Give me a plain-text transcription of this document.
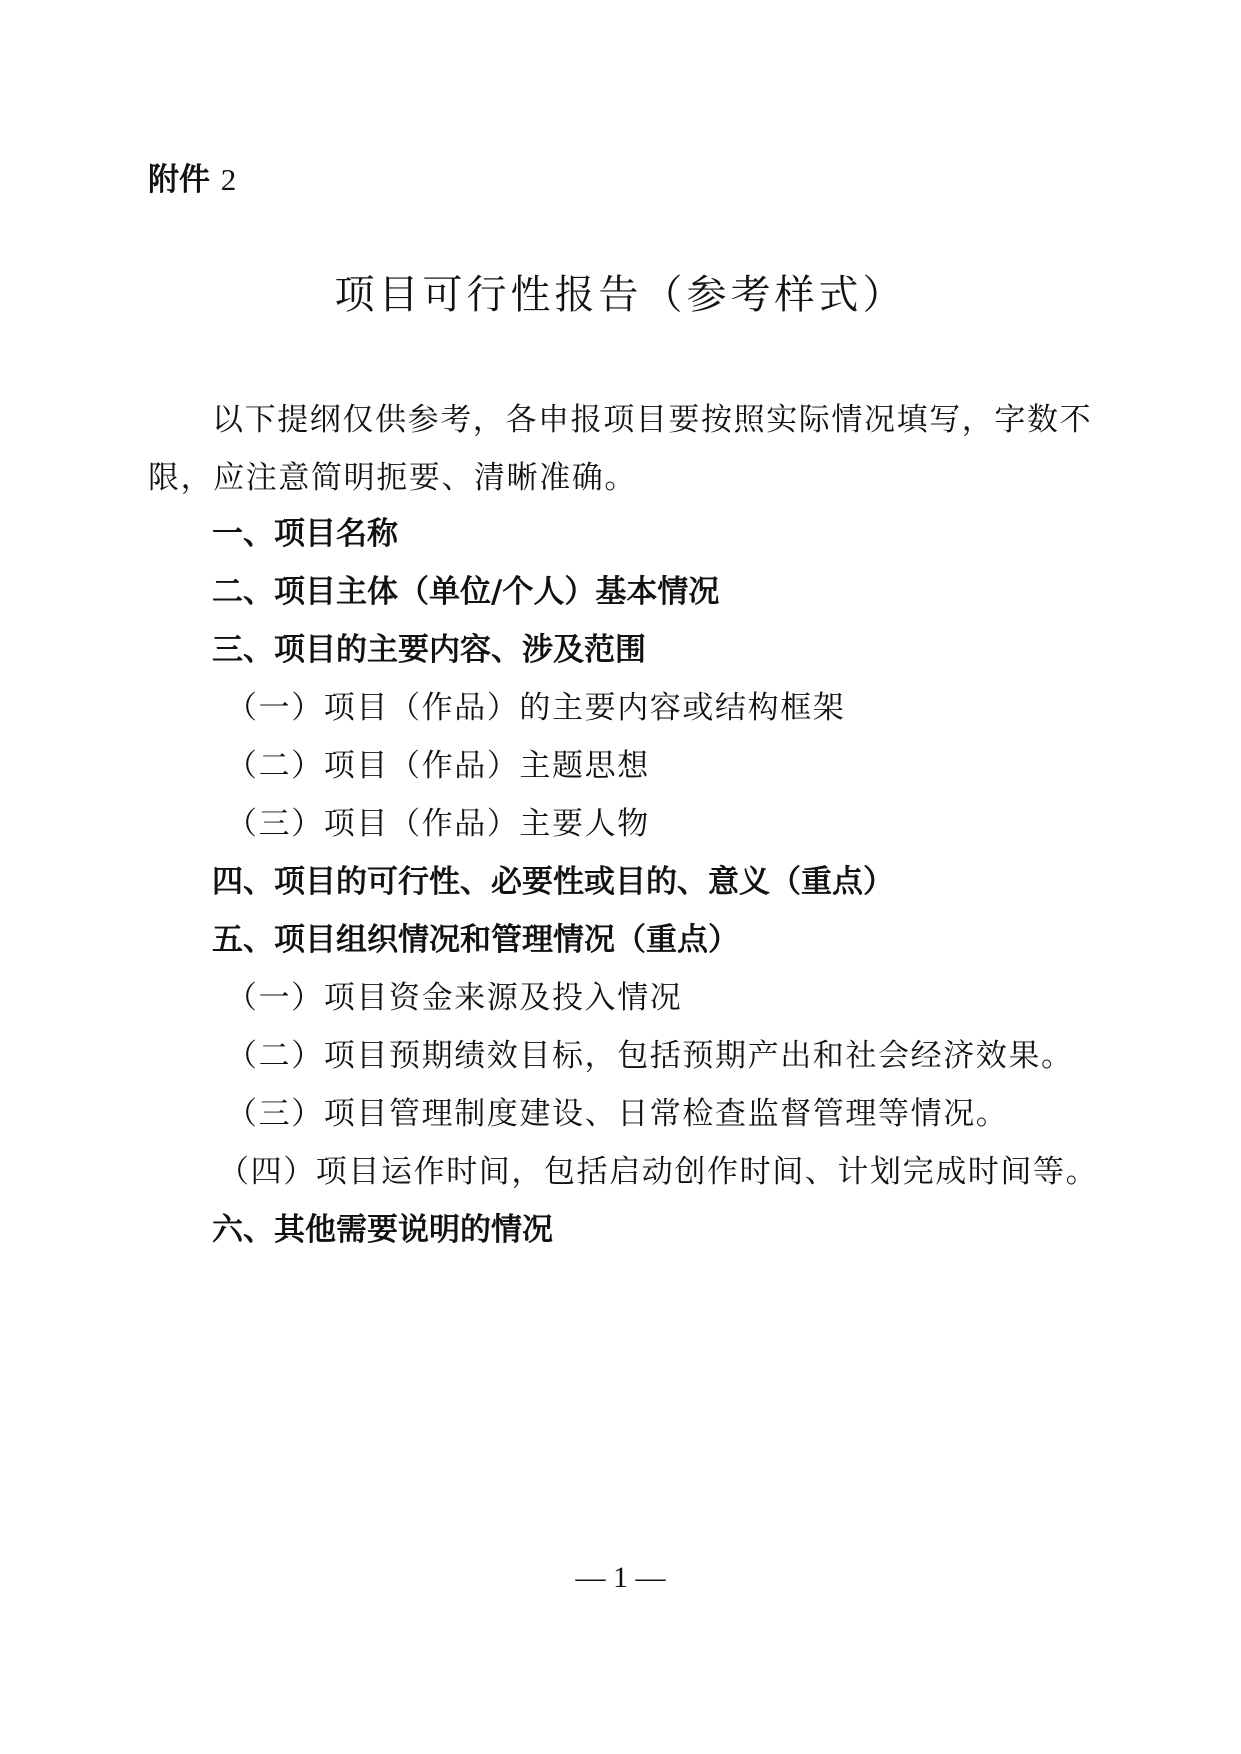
附件 2
项目可行性报告（参考样式）
以下提纲仅供参考，各申报项目要按照实际情况填写，字数不限，应注意简明扼要、清晰准确。
一、项目名称
二、项目主体（单位/个人）基本情况
三、项目的主要内容、涉及范围
（一）项目（作品）的主要内容或结构框架
（二）项目（作品）主题思想
（三）项目（作品）主要人物
四、项目的可行性、必要性或目的、意义（重点）
五、项目组织情况和管理情况（重点）
（一）项目资金来源及投入情况
（二）项目预期绩效目标，包括预期产出和社会经济效果。
（三）项目管理制度建设、日常检查监督管理等情况。
（四）项目运作时间，包括启动创作时间、计划完成时间等。
六、其他需要说明的情况
— 1 —
